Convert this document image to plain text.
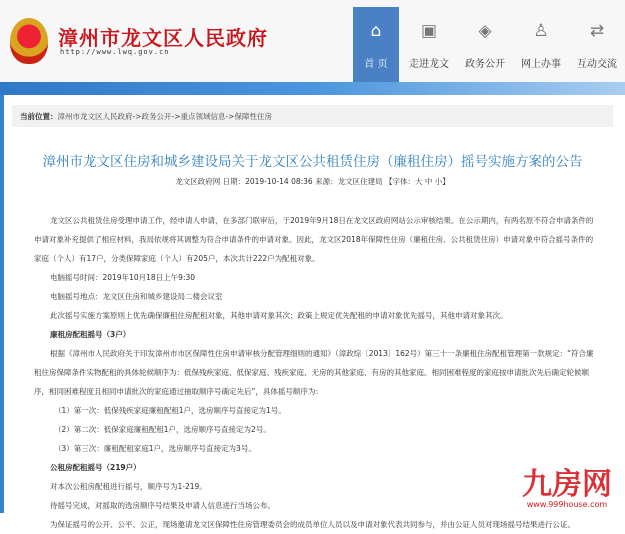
漳州市龙文区人民政府
http://www.lwq.gov.cn
⌂
首 页
▣
走进龙文
◈
政务公开
♙
网上办事
⇄
互动交流
当前位置：漳州市龙文区人民政府->政务公开->重点领域信息->保障性住房
漳州市龙文区住房和城乡建设局关于龙文区公共租赁住房（廉租住房）摇号实施方案的公告
龙文区政府网 日期：2019-10-14 08:36 来源：龙文区住建局 【字体：大 中 小】

龙文区公共租赁住房受理申请工作，经申请人申请，在多部门联审后，于2019年9月18日在龙文区政府网站公示审核结果。在公示期内，有两名原不符合申请条件的申请对象补充提供了相应材料，我局依规将其调整为符合申请条件的申请对象。因此，龙文区2018年保障性住房（廉租住房、公共租赁住房）申请对象中符合摇号条件的家庭（个人）有17户，分类保障家庭（个人）有205户，本次共计222户为配租对象。

电脑摇号时间：2019年10月18日上午9:30

电脑摇号地点：龙文区住房和城乡建设局二楼会议室

此次摇号实施方案原则上优先确保廉租住房配租对象，其他申请对象其次；政策上规定优先配租的申请对象优先摇号，其他申请对象其次。

廉租房配租摇号（3户）

根据《漳州市人民政府关于印发漳州市市区保障性住房申请审核分配管理细则的通知》（漳政综〔2013〕162号）第三十一条廉租住房配租管理第一款规定：“符合廉租住房保障条件实物配租的具体轮候顺序为：低保残疾家庭、低保家庭、残疾家庭、无房的其他家庭、有房的其他家庭。相同困难程度的家庭按申请批次先后确定轮候顺序，相同困难程度且相同申请批次的家庭通过抽取顺序号确定先后”，具体摇号顺序为：

（1）第一次：低保残疾家庭廉租配租1户，选房顺序号直接定为1号。

（2）第二次：低保家庭廉租配租1户，选房顺序号直接定为2号。

（3）第三次：廉租配租家庭1户，选房顺序号直接定为3号。

公租房配租摇号（219户）

对本次公租房配租进行摇号，顺序号为1-219。

待摇号完成，对摇取的选房顺序号结果及申请人信息进行当场公布。

为保证摇号的公开、公平、公正，现场邀请龙文区保障性住房管理委员会的成员单位人员以及申请对象代表共同参与，并由公证人员对现场摇号结果进行公证。

九房网
www.999house.com
